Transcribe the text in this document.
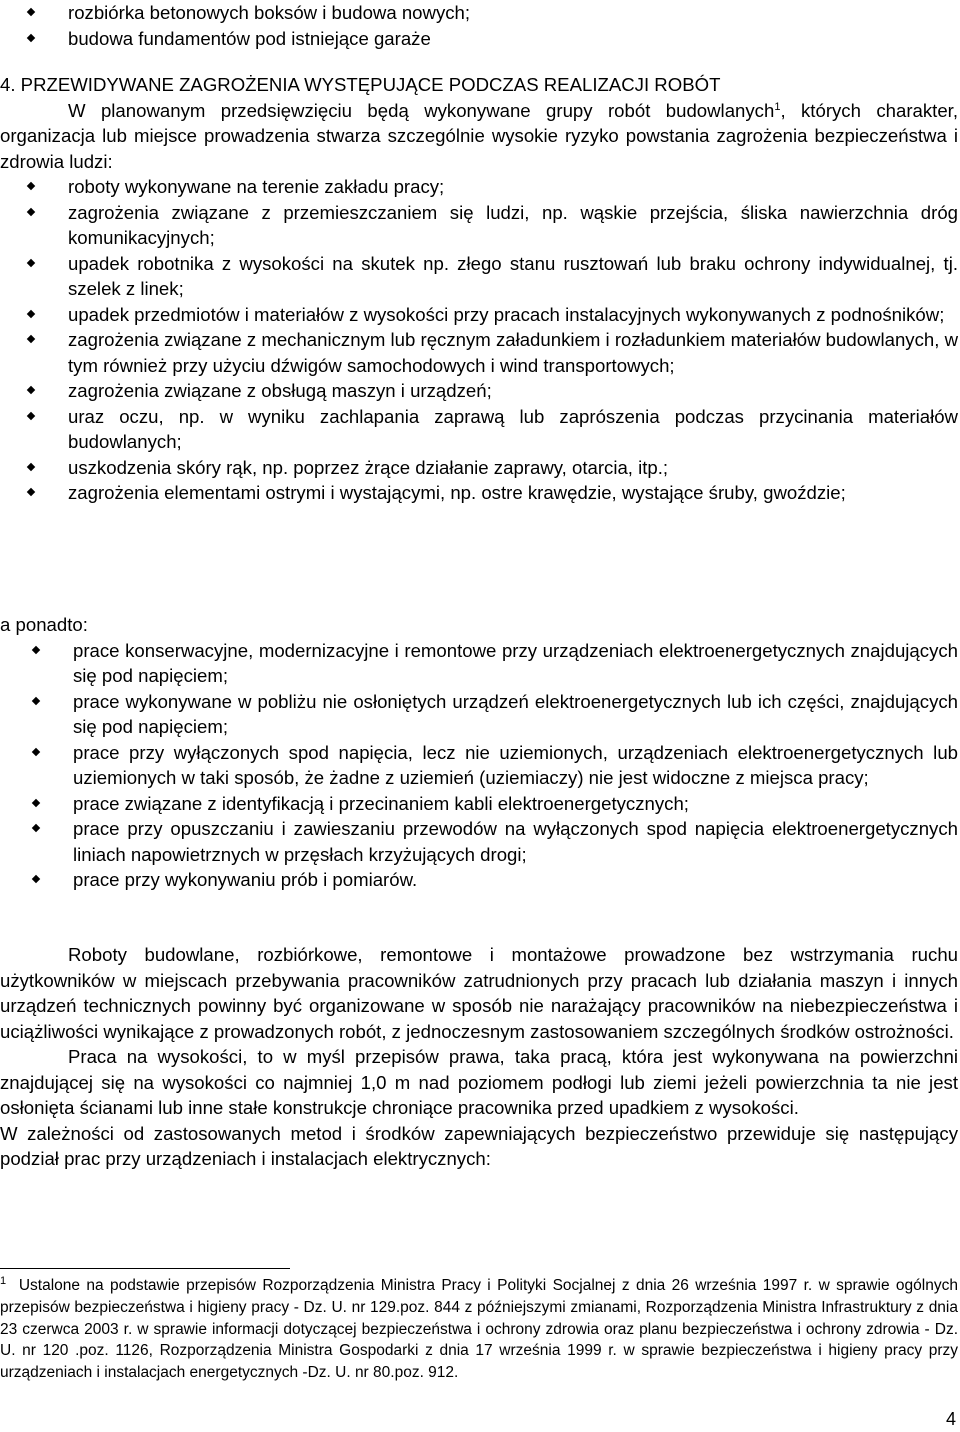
rozbiórka betonowych boksów i budowa nowych;
budowa fundamentów pod istniejące garaże

4. PRZEWIDYWANE ZAGROŻENIA WYSTĘPUJĄCE PODCZAS REALIZACJI ROBÓT

W planowanym przedsięwzięciu będą wykonywane grupy robót budowlanych$^1$, których charakter, organizacja lub miejsce prowadzenia stwarza szczególnie wysokie ryzyko powstania zagrożenia bezpieczeństwa i zdrowia ludzi:

roboty wykonywane na terenie zakładu pracy;
zagrożenia związane z przemieszczaniem się ludzi, np. wąskie przejścia, śliska nawierzchnia dróg komunikacyjnych;
upadek robotnika z wysokości na skutek np. złego stanu rusztowań lub braku ochrony indywidualnej, tj. szelek z linek;
upadek przedmiotów i materiałów z wysokości przy pracach instalacyjnych wykonywanych z podnośników;
zagrożenia związane z mechanicznym lub ręcznym załadunkiem i rozładunkiem materiałów budowlanych, w tym również przy użyciu dźwigów samochodowych i wind transportowych;
zagrożenia związane z obsługą maszyn i urządzeń;
uraz oczu, np. w wyniku zachlapania zaprawą lub zaprószenia podczas przycinania materiałów budowlanych;
uszkodzenia skóry rąk, np. poprzez żrące działanie zaprawy, otarcia, itp.;
zagrożenia elementami ostrymi i wystającymi, np. ostre krawędzie, wystające śruby, gwoździe;

a ponadto:

prace konserwacyjne, modernizacyjne i remontowe przy urządzeniach elektroenergetycznych znajdujących się pod napięciem;
prace wykonywane w pobliżu nie osłoniętych urządzeń elektroenergetycznych lub ich części, znajdujących się pod napięciem;
prace przy wyłączonych spod napięcia, lecz nie uziemionych, urządzeniach elektroenergetycznych lub uziemionych w taki sposób, że żadne z uziemień (uziemiaczy) nie jest widoczne z miejsca pracy;
prace związane z identyfikacją i przecinaniem kabli elektroenergetycznych;
prace przy opuszczaniu i zawieszaniu przewodów na wyłączonych spod napięcia elektroenergetycznych liniach napowietrznych w przęsłach krzyżujących drogi;
prace przy wykonywaniu prób i pomiarów.

Roboty budowlane, rozbiórkowe, remontowe i montażowe prowadzone bez wstrzymania ruchu użytkowników w miejscach przebywania pracowników zatrudnionych przy pracach lub działania maszyn i innych urządzeń technicznych powinny być organizowane w sposób nie narażający pracowników na niebezpieczeństwa i uciążliwości wynikające z prowadzonych robót, z jednoczesnym zastosowaniem szczególnych środków ostrożności.

Praca na wysokości, to w myśl przepisów prawa, taka pracą, która jest wykonywana na powierzchni znajdującej się na wysokości co najmniej 1,0 m nad poziomem podłogi lub ziemi jeżeli powierzchnia ta nie jest osłonięta ścianami lub inne stałe konstrukcje chroniące pracownika przed upadkiem z wysokości.

W zależności od zastosowanych metod i środków zapewniających bezpieczeństwo przewiduje się następujący podział prac przy urządzeniach i instalacjach elektrycznych:

$^1$ Ustalone na podstawie przepisów Rozporządzenia Ministra Pracy i Polityki Socjalnej z dnia 26 września 1997 r. w sprawie ogólnych przepisów bezpieczeństwa i higieny pracy - Dz. U. nr 129.poz. 844 z późniejszymi zmianami, Rozporządzenia Ministra Infrastruktury z dnia 23 czerwca 2003 r. w sprawie informacji dotyczącej bezpieczeństwa i ochrony zdrowia oraz planu bezpieczeństwa i ochrony zdrowia - Dz. U. nr 120 .poz. 1126, Rozporządzenia Ministra Gospodarki z dnia 17 września 1999 r. w sprawie bezpieczeństwa i higieny pracy przy urządzeniach i instalacjach energetycznych -Dz. U. nr 80.poz. 912.

4
